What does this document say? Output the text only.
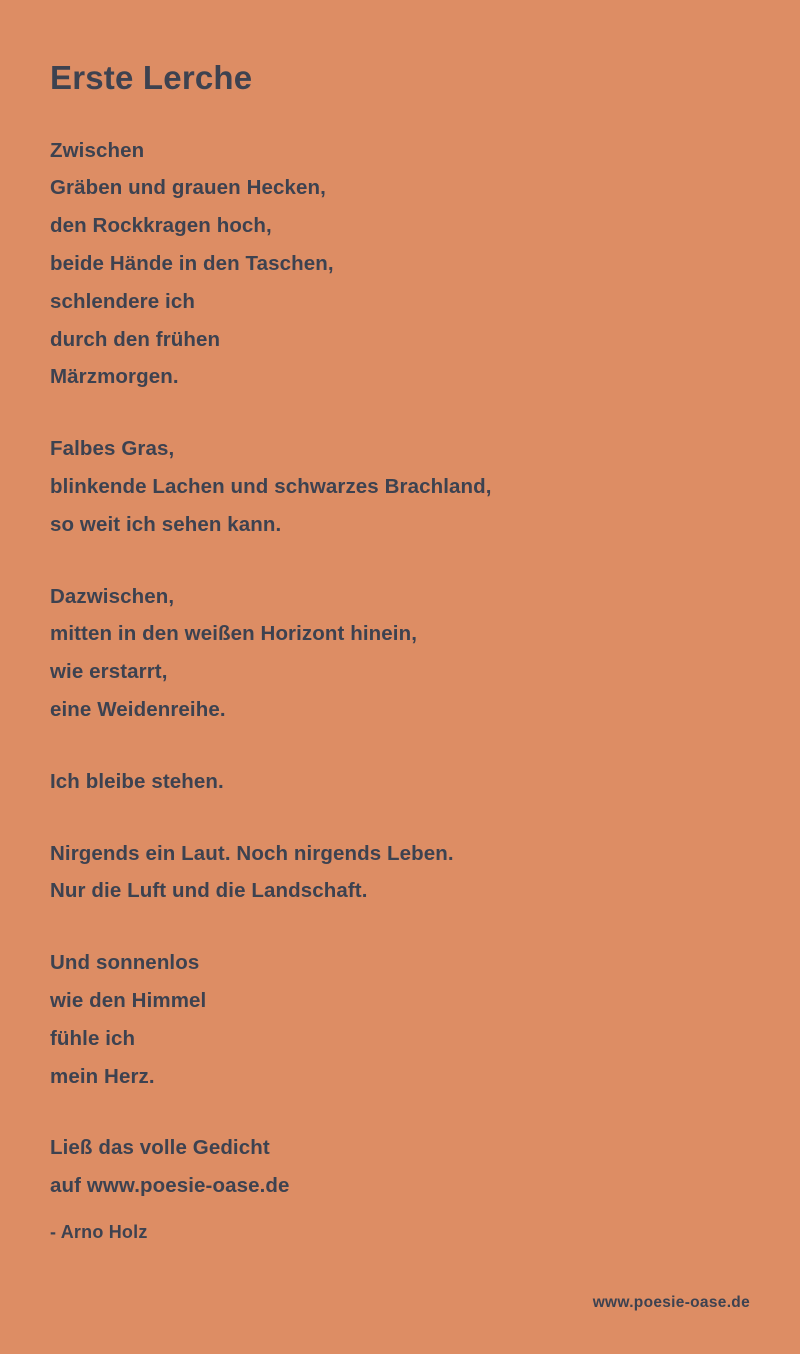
Erste Lerche
Zwischen
Gräben und grauen Hecken,
den Rockkragen hoch,
beide Hände in den Taschen,
schlendere ich
durch den frühen
Märzmorgen.
Falbes Gras,
blinkende Lachen und schwarzes Brachland,
so weit ich sehen kann.
Dazwischen,
mitten in den weißen Horizont hinein,
wie erstarrt,
eine Weidenreihe.
Ich bleibe stehen.
Nirgends ein Laut. Noch nirgends Leben.
Nur die Luft und die Landschaft.
Und sonnenlos
wie den Himmel
fühle ich
mein Herz.
Ließ das volle Gedicht
auf www.poesie-oase.de
- Arno Holz
www.poesie-oase.de
